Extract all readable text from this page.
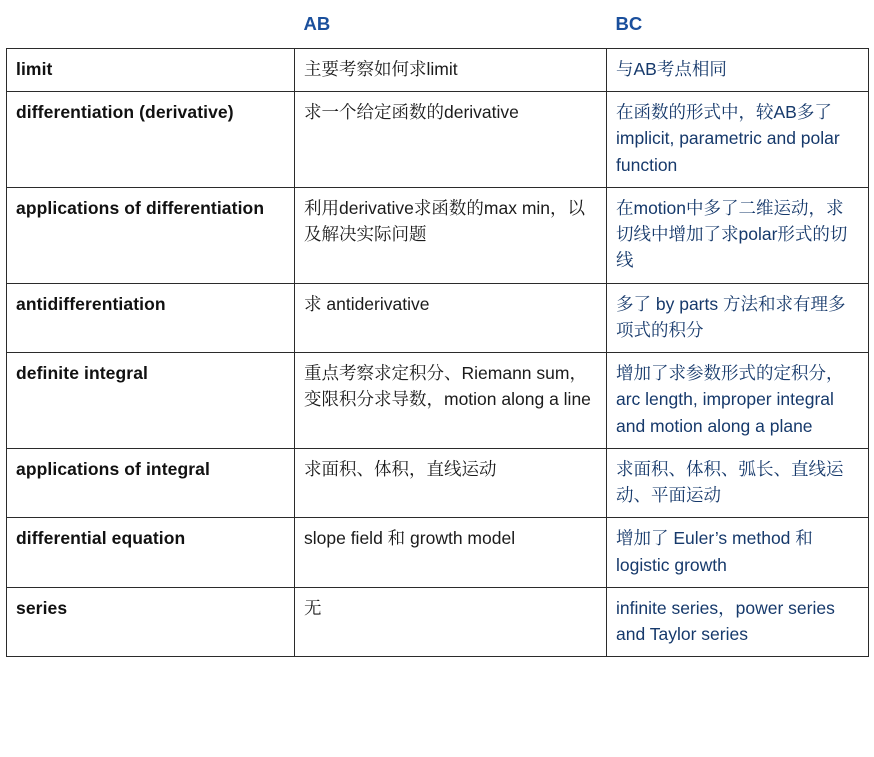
	AB	BC
limit	主要考察如何求limit	与AB考点相同
differentiation (derivative)	求一个给定函数的derivative	在函数的形式中，较AB多了implicit, parametric and polar function
applications of differentiation	利用derivative求函数的max min，以及解决实际问题	在motion中多了二维运动，求切线中增加了求polar形式的切线
antidifferentiation	求 antiderivative	多了 by parts 方法和求有理多项式的积分
definite integral	重点考察求定积分、Riemann sum，变限积分求导数，motion along a line	增加了求参数形式的定积分，arc length, improper integral and motion along a plane
applications of integral	求面积、体积，直线运动	求面积、体积、弧长、直线运动、平面运动
differential equation	slope field 和 growth model	增加了 Euler’s method 和 logistic growth
series	无	infinite series，power series and Taylor series
